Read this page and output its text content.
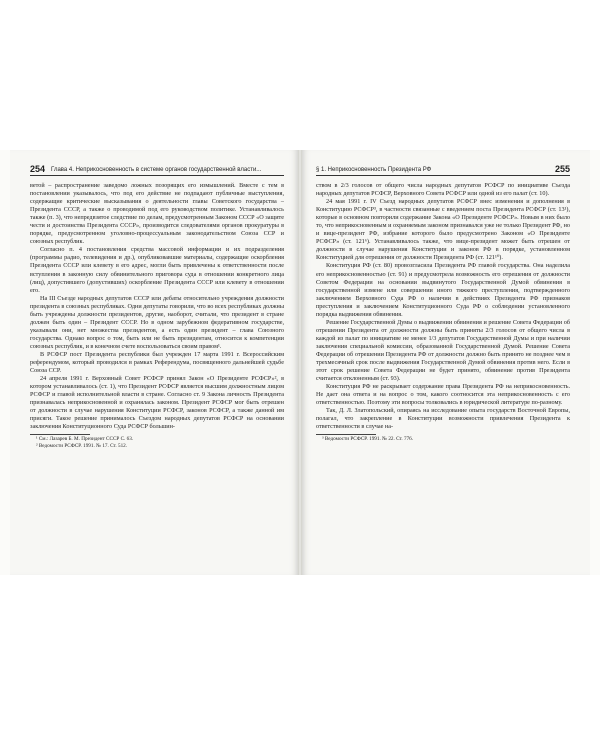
254 Глава 4. Неприкосновенность в системе органов государственной власти...

ветой – распространение заведомо ложных позорящих его измышлений. Вместе с тем в постановлении указывалось, что под его действие не подпадают публичные выступления, содержащие критические высказывания о деятельности главы Советского государства – Президента СССР, а также о проводимой под его руководством политике. Устанавливалось также (п. 3), что непредвзятое следствие по делам, предусмотренным Законом СССР «О защите чести и достоинства Президента СССР», производится следователями органов прокуратуры в порядке, предусмотренном уголовно-процессуальным законодательством Союза ССР и союзных республик.

Согласно п. 4 постановления средства массовой информации и их подразделения (программы радио, телевидения и др.), опубликовавшие материалы, содержащие оскорбления Президента СССР или клевету в его адрес, могли быть привлечены к ответственности после вступления в законную силу обвинительного приговора суда в отношении конкретного лица (лиц), допустившего (допустивших) оскорбление Президента СССР или клевету в отношении его.

На III Съезде народных депутатов СССР или дебаты относительно учреждения должности президента в союзных республиках. Одни депутаты говорили, что во всех республиках должны быть учреждены должности президентов, другие, наоборот, считали, что президент в стране должен быть один – Президент СССР. Но в одном зарубежном федеративном государстве, указывали они, нет множества президентов, а есть один президент – глава Союзного государства. Однако вопрос о том, быть или не быть президентам, относится к компетенции союзных республик, и в конечном счете воспользоваться своим правом¹.

В РСФСР пост Президента республики был учрежден 17 марта 1991 г. Всероссийским референдумом, который проводился в рамках Референдума, посвященного дальнейшей судьбе Союза ССР.

24 апреля 1991 г. Верховный Совет РСФСР принял Закон «О Президенте РСФСР»², в котором устанавливалось (ст. 1), что Президент РСФСР является высшим должностным лицом РСФСР и главой исполнительной власти в стране. Согласно ст. 9 Закона личность Президента признавалась неприкосновенной и охранялась законом. Президент РСФСР мог быть отрешен от должности в случае нарушения Конституции РСФСР, законов РСФСР, а также данной им присяги. Такое решение принималось Съездом народных депутатов РСФСР на основании заключения Конституционного Суда РСФСР большин-

¹ См.: Лазарев Б. М. Президент СССР С. 63.
² Ведомости РСФСР. 1991. № 17. Ст. 512.
§ 1. Неприкосновенность Президента РФ	255

ством в 2/3 голосов от общего числа народных депутатов РСФСР по инициативе Съезда народных депутатов РСФСР, Верховного Совета РСФСР или одной из его палат (ст. 10).

24 мая 1991 г. IV Съезд народных депутатов РСФСР внес изменения и дополнения в Конституцию РСФСР³, в частности связанные с введением поста Президента РСФСР (ст. 13¹), которые в основном повторили содержание Закона «О Президенте РСФСР». Новым в них было то, что неприкосновенным и охраняемым законом признавался уже не только Президент РФ, но и вице-президент РФ, избрание которого было предусмотрено Законом «О Президенте РСФСР» (ст. 121⁶). Устанавливалось также, что вице-президент может быть отрешен от должности в случае нарушения Конституции и законов РФ в порядке, установленном Конституцией для отрешения от должности Президента РФ (ст. 121¹⁰).

Конституция РФ (ст. 80) провозгласила Президента РФ главой государства. Она наделила его неприкосновенностью (ст. 91) и предусмотрела возможность его отрешения от должности Советом Федерации на основании выдвинутого Государственной Думой обвинения в государственной измене или совершении иного тяжкого преступления, подтвержденного заключением Верховного Суда РФ о наличии в действиях Президента РФ признаков преступления и заключением Конституционного Суда РФ о соблюдении установленного порядка выдвижения обвинения.

Решение Государственной Думы о выдвижении обвинения и решение Совета Федерации об отрешении Президента от должности должны быть приняты 2/3 голосов от общего числа в каждой из палат по инициативе не менее 1/3 депутатов Государственной Думы и при наличии заключения специальной комиссии, образованной Государственной Думой. Решение Совета Федерации об отрешении Президента РФ от должности должно быть принято не позднее чем в трехмесячный срок после выдвижения Государственной Думой обвинения против него. Если в этот срок решение Совета Федерации не будет принято, обвинение против Президента считается отклоненным (ст. 93).

Конституция РФ не раскрывает содержание права Президента РФ на неприкосновенность. Не дает она ответа и на вопрос о том, какого соотносится эта неприкосновенность с его ответственностью. Поэтому эти вопросы толковались в юридической литературе по-разному.

Так, Д. Л. Златопольский, опираясь на исследование опыта государств Восточной Европы, полагал, что закрепление в Конституции возможности привлечения Президента к ответственности в случае на-

³ Ведомости РСФСР. 1991. № 22. Ст. 776.
